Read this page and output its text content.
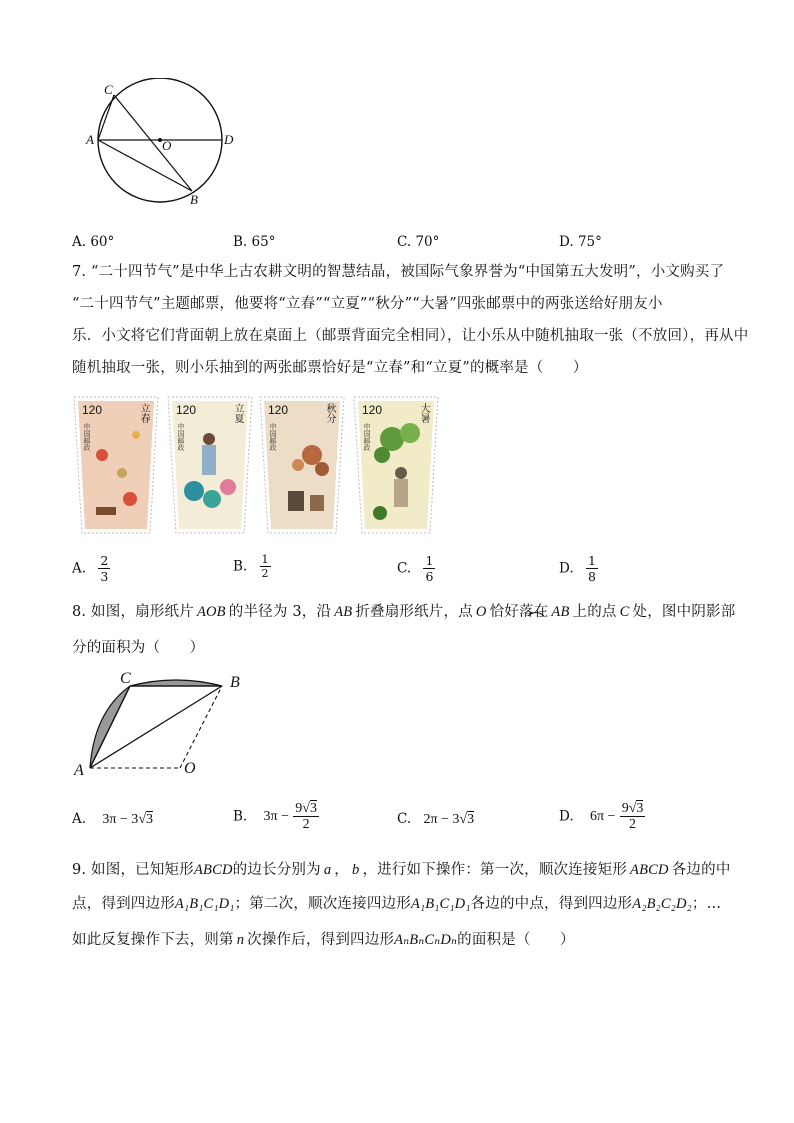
C
A	O	D
B
A. 60°	B. 65°	C. 70°	D. 75°
7. “二十四节气”是中华上古农耕文明的智慧结晶，被国际气象界誉为“中国第五大发明”，小文购买了
“二十四节气”主题邮票，他要将“立春”“立夏”“秋分”“大暑”四张邮票中的两张送给好朋友小
乐．小文将它们背面朝上放在桌面上（邮票背面完全相同），让小乐从中随机抽取一张（不放回），再从中
随机抽取一张，则小乐抽到的两张邮票恰好是“立春”和“立夏”的概率是（　　）
120	立春
中国邮政
120	立夏
中国邮政
120	秋分
中国邮政
120	大暑
中国邮政
A. $\frac{2}{3}$	B. $\frac{1}{2}$	C. $\frac{1}{6}$	D. $\frac{1}{8}$
8. 如图，扇形纸片 AOB 的半径为 3，沿 AB 折叠扇形纸片，点 O 恰好落在 AB 上的点 C 处，图中阴影部
分的面积为（　　）
C	B
A	O
A. 3π − 3√3	B. $3\pi - \frac{9√3}{2}$	C. 2π − 3√3	D. $6\pi - \frac{9√3}{2}$
9. 如图，已知矩形ABCD的边长分别为 a ， b ，进行如下操作：第一次，顺次连接矩形 ABCD 各边的中
点，得到四边形A₁B₁C₁D₁；第二次，顺次连接四边形A₁B₁C₁D₁各边的中点，得到四边形A₂B₂C₂D₂；…
如此反复操作下去，则第 n 次操作后，得到四边形AₙBₙCₙDₙ的面积是（　　）
